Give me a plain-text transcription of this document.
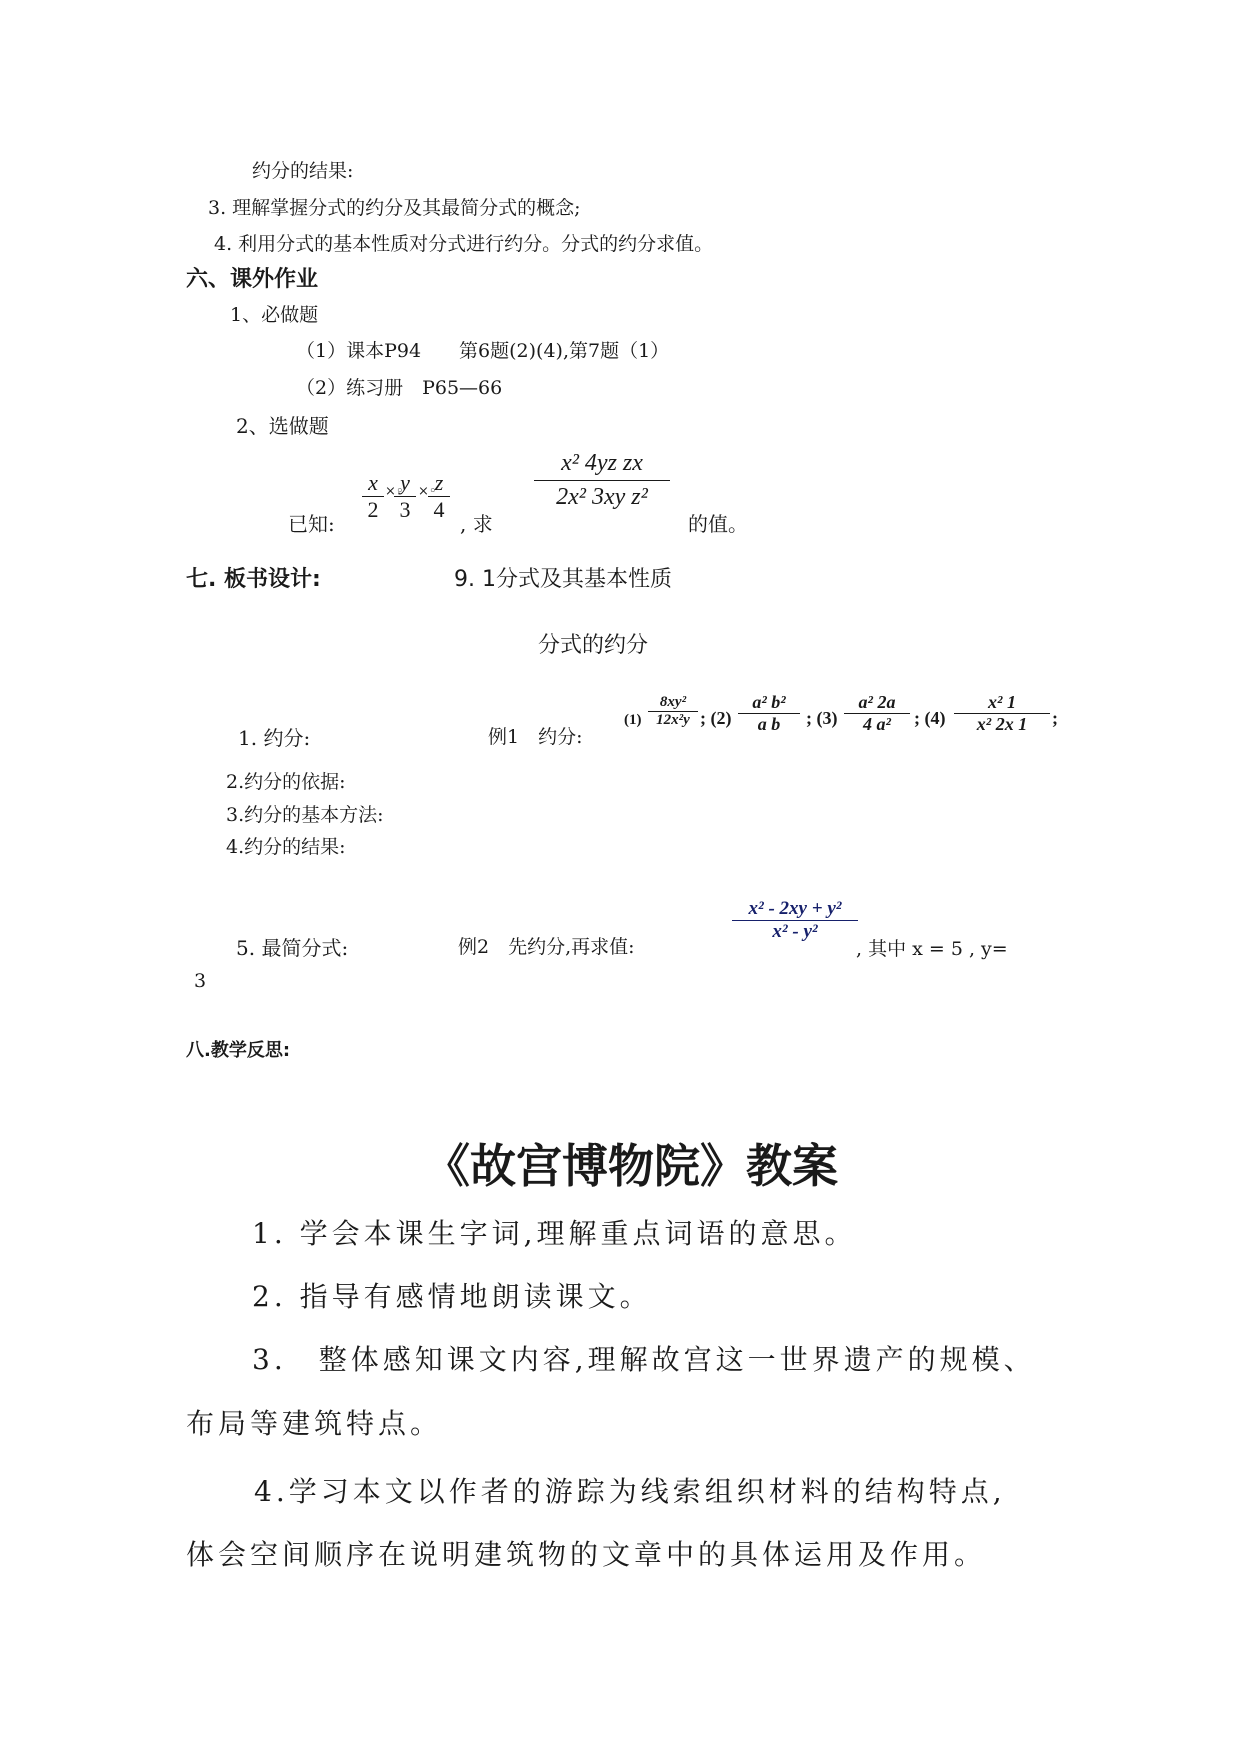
约分的结果:
3. 理解掌握分式的约分及其最简分式的概念;
4. 利用分式的基本性质对分式进行约分。分式的约分求值。
六、课外作业
1、必做题
（1）课本P94　　第6题(2)(4),第7题（1）
（2）练习册　P65—66
2、选做题
已知:
x
2
×◦
y
3
×◦
z
4
, 求
x² 4yz zx
2x² 3xy z²
的值。
七. 板书设计:	9. 1分式及其基本性质
分式的约分
1. 约分:	例1　约分:
(1)
8xy²
12x²y ; (2)
a² b²
a b	; (3)
a² 2a
4 a²	; (4)
x² 1
x² 2x 1	;
2.约分的依据:
3.约分的基本方法:
4.约分的结果:
5. 最简分式:	例2　先约分,再求值:
x² - 2xy + y²
x² - y²
, 其中 x = 5 , y=
3
八.教学反思:
《故宫博物院》教案
1. 学会本课生字词,理解重点词语的意思。
2. 指导有感情地朗读课文。
3.　整体感知课文内容,理解故宫这一世界遗产的规模、
布局等建筑特点。
4.学习本文以作者的游踪为线索组织材料的结构特点,
体会空间顺序在说明建筑物的文章中的具体运用及作用。
